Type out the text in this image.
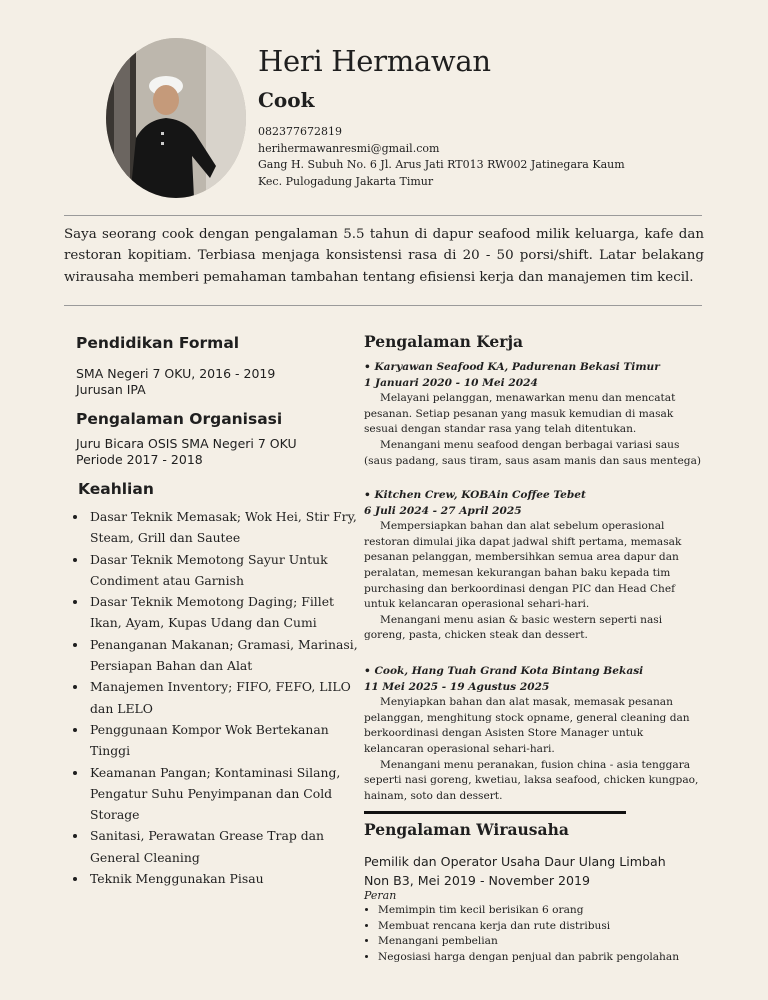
Heri Hermawan
Cook
082377672819
herihermawanresmi@gmail.com
Gang H. Subuh No. 6 Jl. Arus Jati RT013 RW002 Jatinegara Kaum
Kec. Pulogadung Jakarta Timur
Saya seorang cook dengan pengalaman 5.5 tahun di dapur seafood milik keluarga, kafe dan restoran kopitiam. Terbiasa menjaga konsistensi rasa di 20 - 50 porsi/shift. Latar belakang wirausaha memberi pemahaman tambahan tentang efisiensi kerja dan manajemen tim kecil.
Pendidikan Formal
SMA Negeri 7 OKU, 2016 - 2019
Jurusan IPA
Pengalaman Organisasi
Juru Bicara OSIS SMA Negeri 7 OKU
Periode 2017 - 2018
Keahlian
• Dasar Teknik Memasak; Wok Hei, Stir Fry, Steam, Grill dan Sautee
• Dasar Teknik Memotong Sayur Untuk Condiment atau Garnish
• Dasar Teknik Memotong Daging; Fillet Ikan, Ayam, Kupas Udang dan Cumi
• Penanganan Makanan; Gramasi, Marinasi, Persiapan Bahan dan Alat
• Manajemen Inventory; FIFO, FEFO, LILO dan LELO
• Penggunaan Kompor Wok Bertekanan Tinggi
• Keamanan Pangan; Kontaminasi Silang, Pengatur Suhu Penyimpanan dan Cold Storage
• Sanitasi, Perawatan Grease Trap dan General Cleaning
• Teknik Menggunakan Pisau
Pengalaman Kerja
• Karyawan Seafood KA, Padurenan Bekasi Timur
1 Januari 2020 - 10 Mei 2024

Melayani pelanggan, menawarkan menu dan mencatat pesanan. Setiap pesanan yang masuk kemudian di masak sesuai dengan standar rasa yang telah ditentukan.

Menangani menu seafood dengan berbagai variasi saus (saus padang, saus tiram, saus asam manis dan saus mentega)

• Kitchen Crew, KOBAin Coffee Tebet
6 Juli 2024 - 27 April 2025

Mempersiapkan bahan dan alat sebelum operasional restoran dimulai jika dapat jadwal shift pertama, memasak pesanan pelanggan, membersihkan semua area dapur dan peralatan, memesan kekurangan bahan baku kepada tim purchasing dan berkoordinasi dengan PIC dan Head Chef untuk kelancaran operasional sehari-hari.

Menangani menu asian & basic western seperti nasi goreng, pasta, chicken steak dan dessert.

• Cook, Hang Tuah Grand Kota Bintang Bekasi
11 Mei 2025 - 19 Agustus 2025

Menyiapkan bahan dan alat masak, memasak pesanan pelanggan, menghitung stock opname, general cleaning dan berkoordinasi dengan Asisten Store Manager untuk kelancaran operasional sehari-hari.

Menangani menu peranakan, fusion china - asia tenggara seperti nasi goreng, kwetiau, laksa seafood, chicken kungpao, hainam, soto dan dessert.

Pengalaman Wirausaha
Pemilik dan Operator Usaha Daur Ulang Limbah
Non B3, Mei 2019 - November 2019
Peran
• Memimpin tim kecil berisikan 6 orang
• Membuat rencana kerja dan rute distribusi
• Menangani pembelian
• Negosiasi harga dengan penjual dan pabrik pengolahan
